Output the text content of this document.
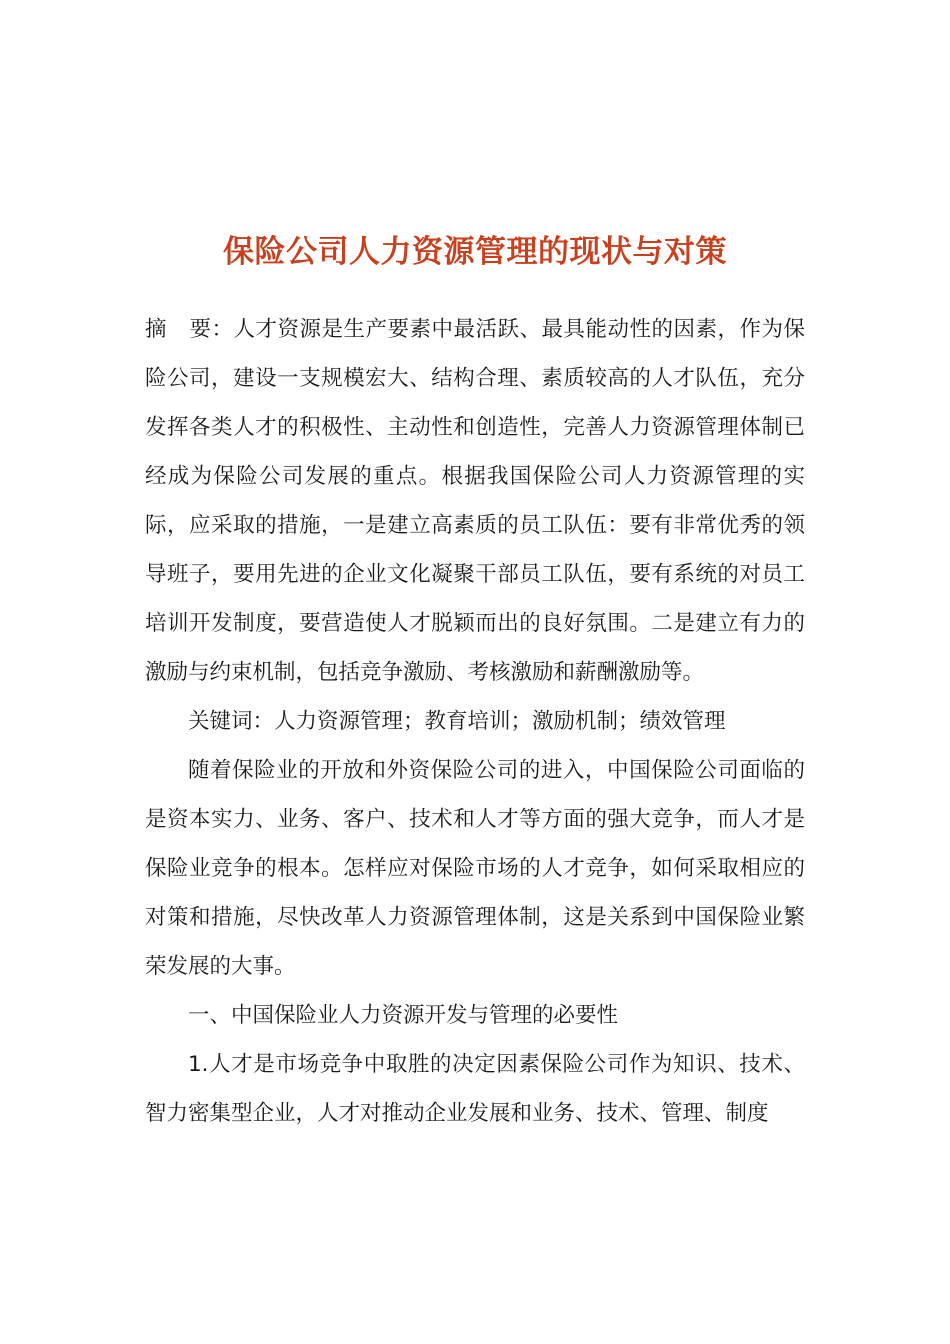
保险公司人力资源管理的现状与对策

摘 要：人才资源是生产要素中最活跃、最具能动性的因素，作为保险公司，建设一支规模宏大、结构合理、素质较高的人才队伍，充分发挥各类人才的积极性、主动性和创造性，完善人力资源管理体制已经成为保险公司发展的重点。根据我国保险公司人力资源管理的实际，应采取的措施，一是建立高素质的员工队伍：要有非常优秀的领导班子，要用先进的企业文化凝聚干部员工队伍，要有系统的对员工培训开发制度，要营造使人才脱颖而出的良好氛围。二是建立有力的激励与约束机制，包括竞争激励、考核激励和薪酬激励等。

关键词：人力资源管理；教育培训；激励机制；绩效管理

随着保险业的开放和外资保险公司的进入，中国保险公司面临的是资本实力、业务、客户、技术和人才等方面的强大竞争，而人才是保险业竞争的根本。怎样应对保险市场的人才竞争，如何采取相应的对策和措施，尽快改革人力资源管理体制，这是关系到中国保险业繁荣发展的大事。

一、中国保险业人力资源开发与管理的必要性

1.人才是市场竞争中取胜的决定因素保险公司作为知识、技术、智力密集型企业，人才对推动企业发展和业务、技术、管理、制度
